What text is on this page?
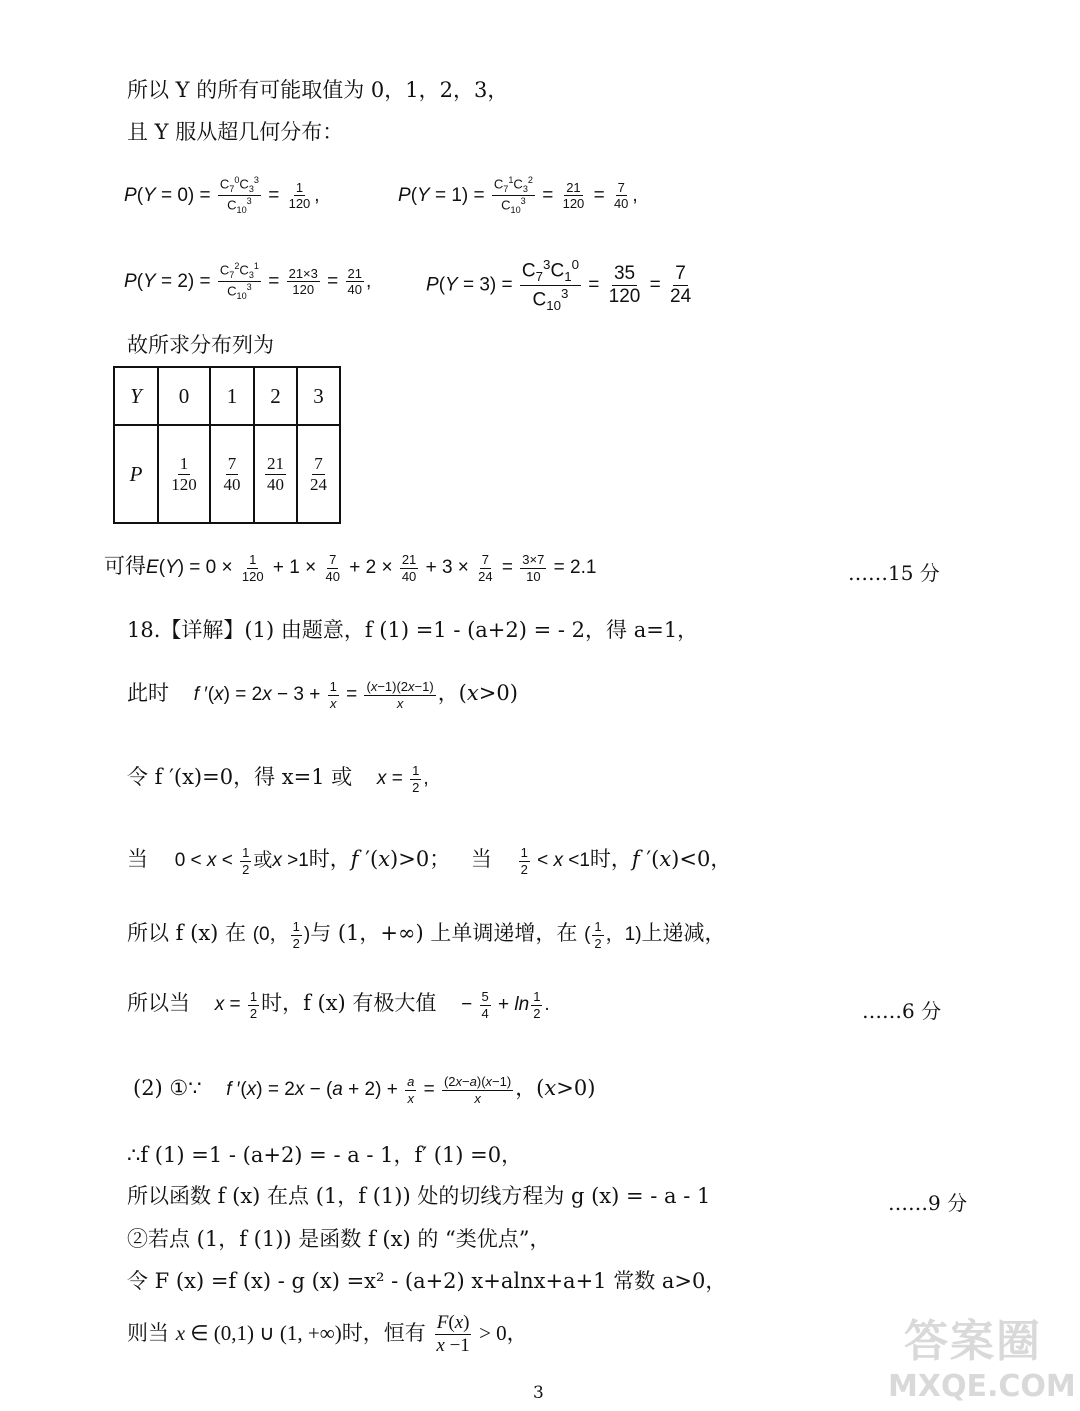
所以 Y 的所有可能取值为 0，1，2，3，
且 Y 服从超几何分布：
$P(Y = 0) = \frac{C_7^0C_3^3}{C_{10}^3} = \frac{1}{120}$ ,	$P(Y = 1) = \frac{C_7^1C_3^2}{C_{10}^3} = \frac{21}{120} = \frac{7}{40}$ ,
$P(Y = 2) = \frac{C_7^2C_3^1}{C_{10}^3} = \frac{21\times 3}{120} = \frac{21}{40}$ ,	$P(Y = 3) = \frac{C_7^3C_1^0}{C_{10}^3} = \frac{35}{120} = \frac{7}{24}$
故所求分布列为
Y	0	1	2	3
P	$\frac{1}{120}$	$\frac{7}{40}$	$\frac{21}{40}$	$\frac{7}{24}$
可得$E(Y) = 0 \times \frac{1}{120} + 1 \times \frac{7}{40} + 2 \times \frac{21}{40} + 3 \times \frac{7}{24} = \frac{3\times 7}{10} = 2.1$	……15 分
18.【详解】(1) 由题意，f (1) =1 - (a+2) = - 2，得 a=1，
此时 f $'(x) = 2x - 3 + \frac{1}{x} = \frac{(x-1)(2x-1)}{x}$ ，(x>0)
令 f ′(x)=0，得 x=1 或 $x = \frac{1}{2}$ ,
当 $0 < x < \frac{1}{2}$ 或x >1时，f ′(x)>0； 当 $\frac{1}{2} < x <1$时，f ′(x)<0，
所以 f (x) 在 (0， $\frac{1}{2}$ )与 (1，+∞) 上单调递增，在 ( $\frac{1}{2}$ ，1)上递减，
所以当 $x = \frac{1}{2}$ 时，f (x) 有极大值 − $\frac{5}{4} + \ln \frac{1}{2}$ .	……6 分
(2) ①∵ f $'(x) = 2x - (a + 2) + \frac{a}{x} = \frac{(2x-a)(x-1)}{x}$ ，(x>0)
∴f (1) =1 - (a+2) = - a - 1，f′ (1) =0，
所以函数 f (x) 在点 (1，f (1)) 处的切线方程为 g (x) = - a - 1	……9 分
②若点 (1，f (1)) 是函数 f (x) 的 “类优点”，
令 F (x) =f (x) - g (x) =x² - (a+2) x+alnx+a+1 常数 a>0，
则当 x ∈ (0,1) ∪ (1, +∞)时，恒有 $\frac{F(x)}{x -1} > 0$，
3
答案圈
MXQE.COM
